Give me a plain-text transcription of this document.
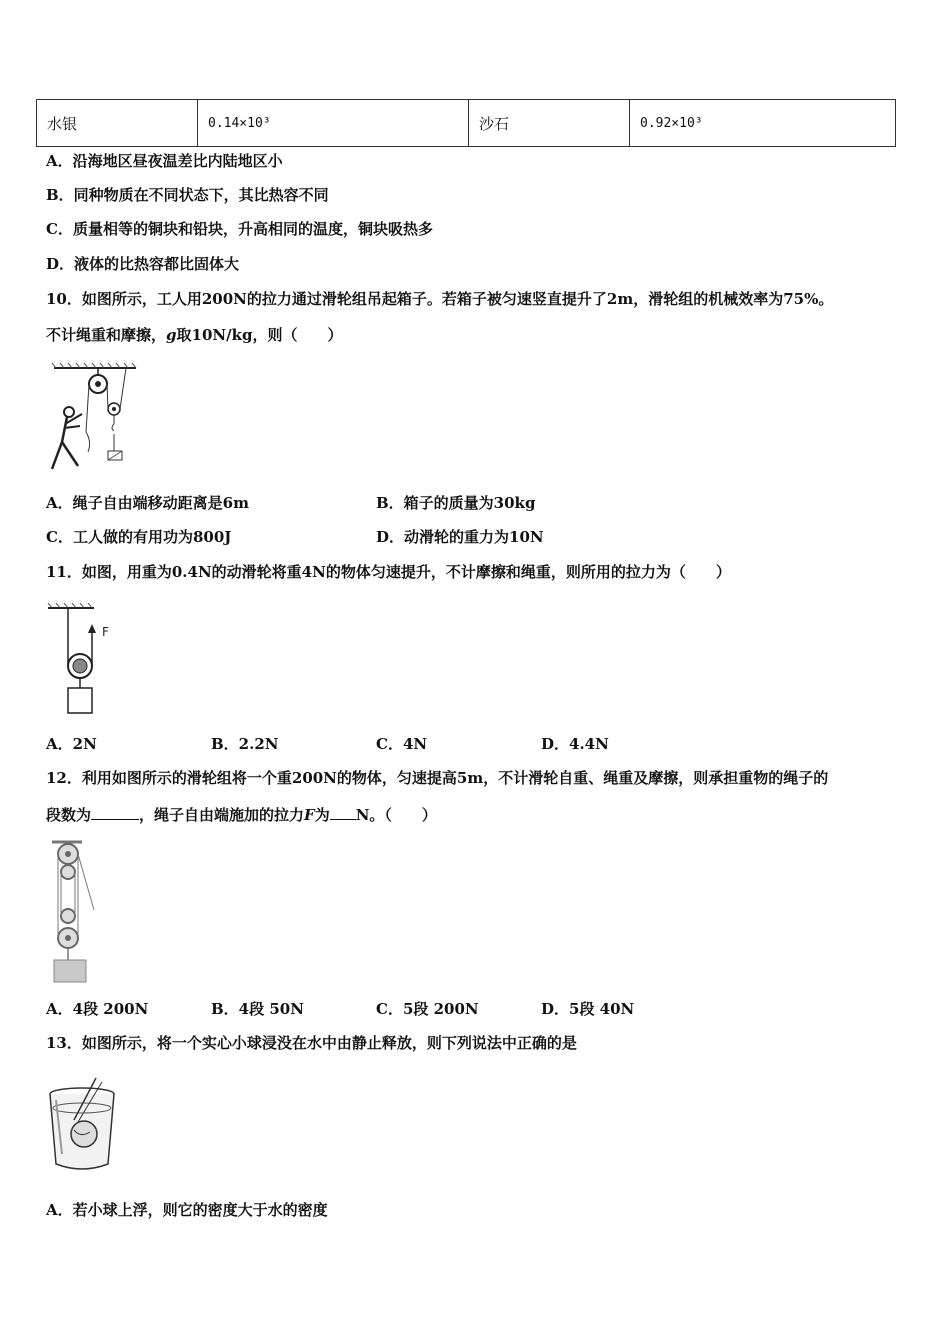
水银	0.14×10³	沙石	0.92×10³
A．沿海地区昼夜温差比内陆地区小
B．同种物质在不同状态下，其比热容不同
C．质量相等的铜块和铅块，升高相同的温度，铜块吸热多
D．液体的比热容都比固体大
10．如图所示，工人用200N的拉力通过滑轮组吊起箱子。若箱子被匀速竖直提升了2m，滑轮组的机械效率为75%。
不计绳重和摩擦，g取10N/kg，则（　　）
A．绳子自由端移动距离是6m	B．箱子的质量为30kg
C．工人做的有用功为800J	D．动滑轮的重力为10N
11．如图，用重为0.4N的动滑轮将重4N的物体匀速提升，不计摩擦和绳重，则所用的拉力为（　　）
F
A．2N	B．2.2N	C．4N	D．4.4N
12．利用如图所示的滑轮组将一个重200N的物体，匀速提高5m，不计滑轮自重、绳重及摩擦，则承担重物的绳子的
段数为	，绳子自由端施加的拉力F为 N。（　　）
A．4段 200N	B．4段 50N	C．5段 200N	D．5段 40N
13．如图所示，将一个实心小球浸没在水中由静止释放，则下列说法中正确的是
A．若小球上浮，则它的密度大于水的密度
